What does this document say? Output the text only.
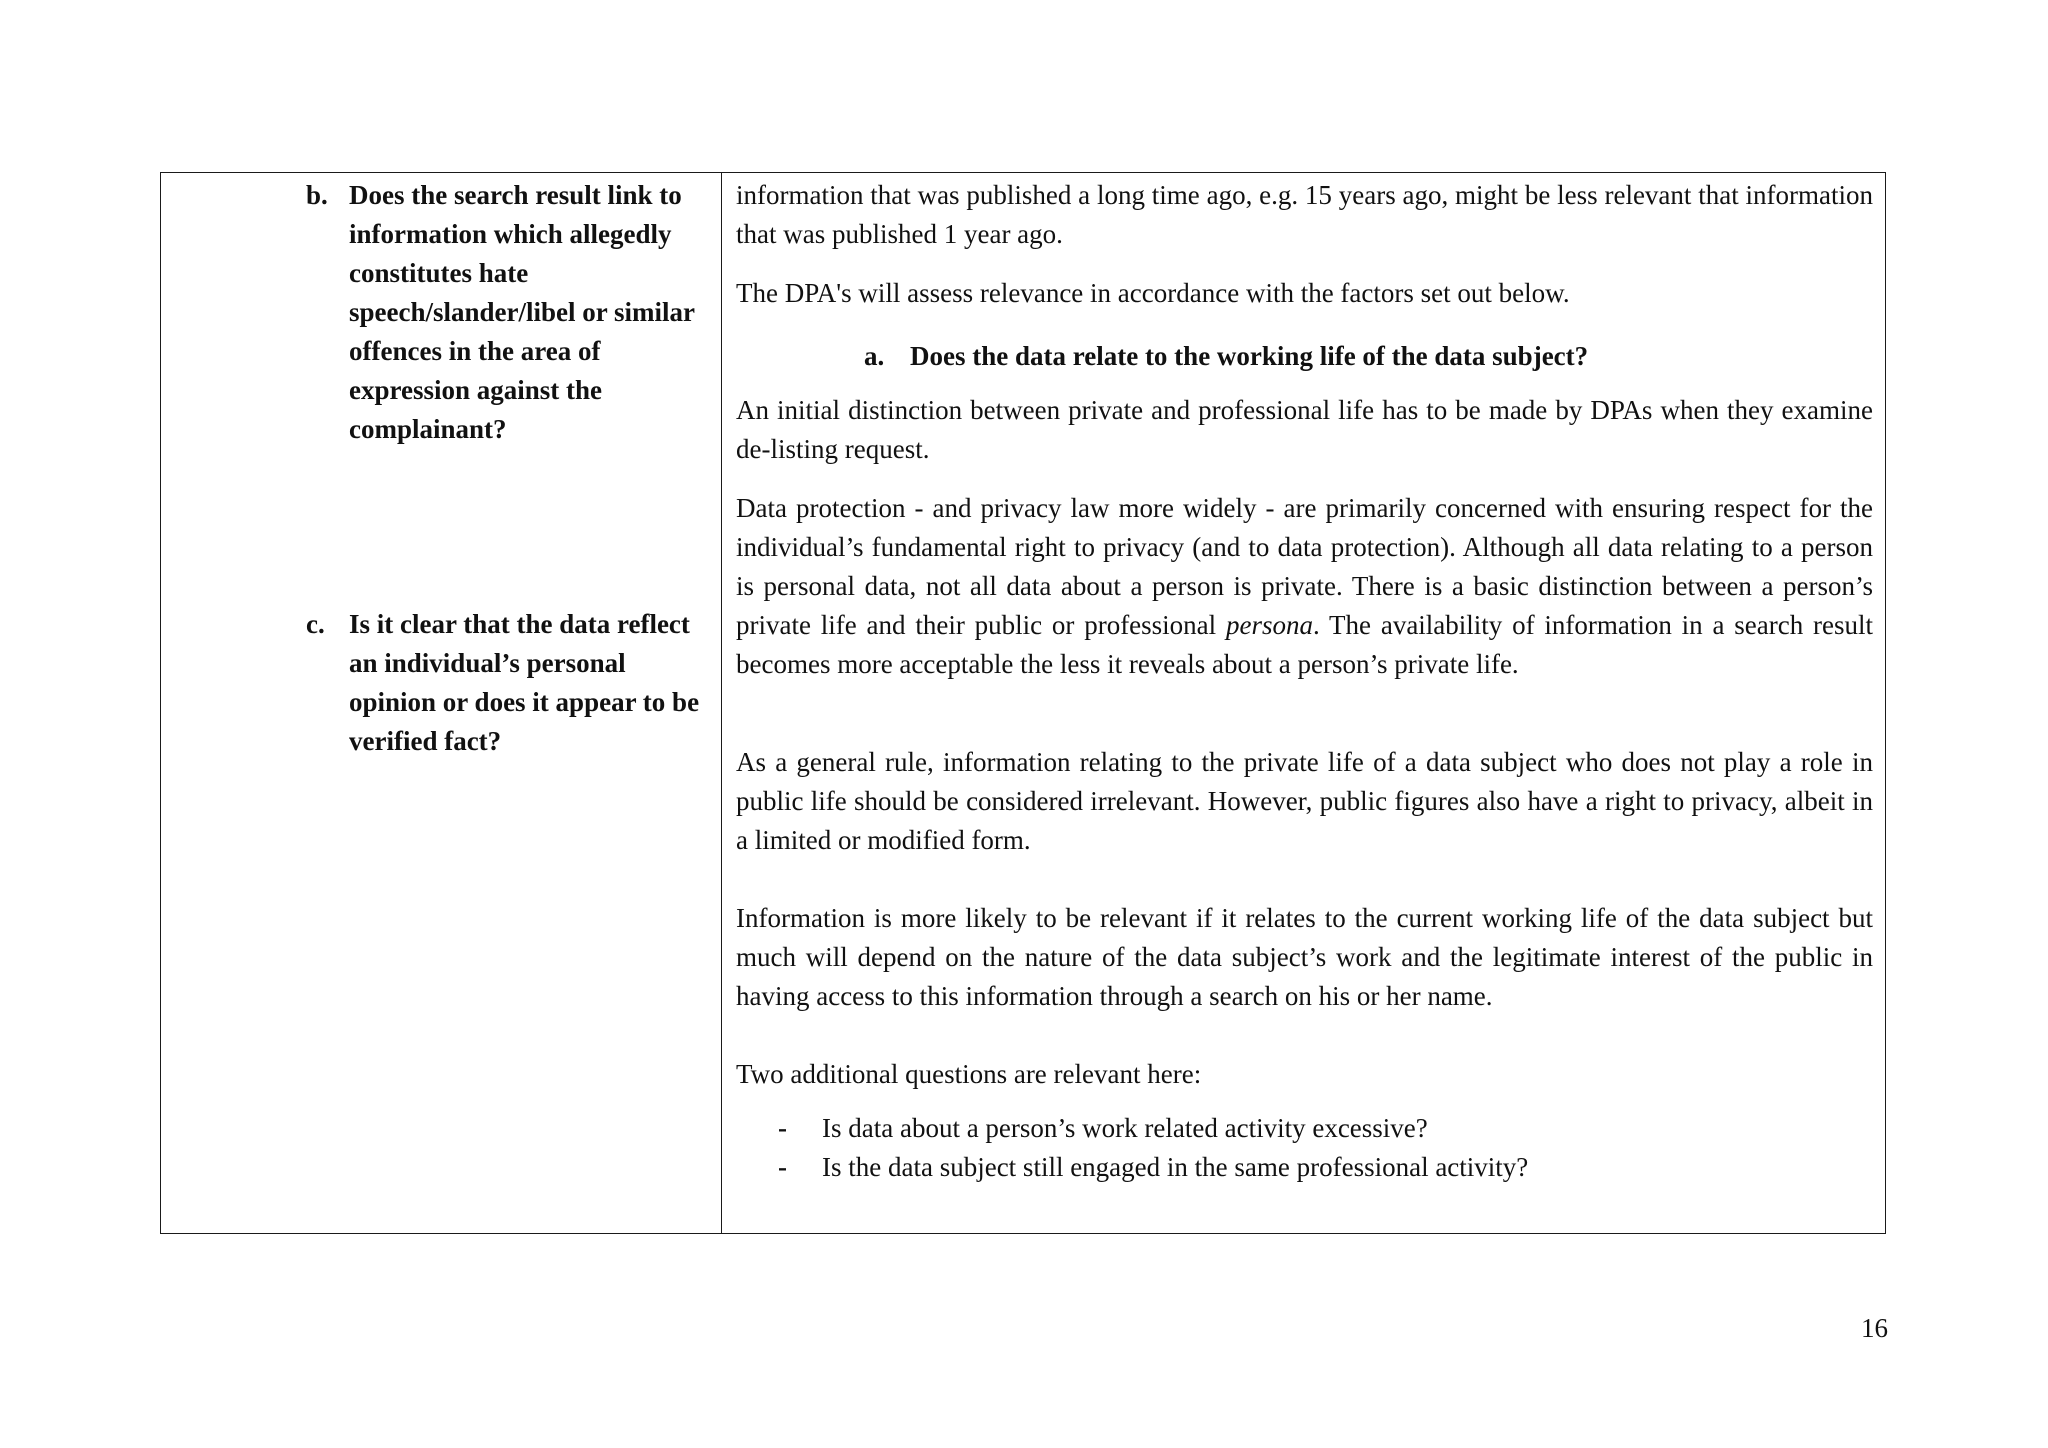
b. Does the search result link to information which allegedly constitutes hate speech/slander/libel or similar offences in the area of expression against the complainant?
c. Is it clear that the data reflect an individual’s personal opinion or does it appear to be verified fact?

information that was published a long time ago, e.g. 15 years ago, might be less relevant that information that was published 1 year ago.

The DPA's will assess relevance in accordance with the factors set out below.

a. Does the data relate to the working life of the data subject?

An initial distinction between private and professional life has to be made by DPAs when they examine de-listing request.

Data protection - and privacy law more widely - are primarily concerned with ensuring respect for the individual’s fundamental right to privacy (and to data protection). Although all data relating to a person is personal data, not all data about a person is private. There is a basic distinction between a person’s private life and their public or professional persona. The availability of information in a search result becomes more acceptable the less it reveals about a person’s private life.

As a general rule, information relating to the private life of a data subject who does not play a role in public life should be considered irrelevant. However, public figures also have a right to privacy, albeit in a limited or modified form.

Information is more likely to be relevant if it relates to the current working life of the data subject but much will depend on the nature of the data subject’s work and the legitimate interest of the public in having access to this information through a search on his or her name.

Two additional questions are relevant here:

- Is data about a person’s work related activity excessive?
- Is the data subject still engaged in the same professional activity?
16
